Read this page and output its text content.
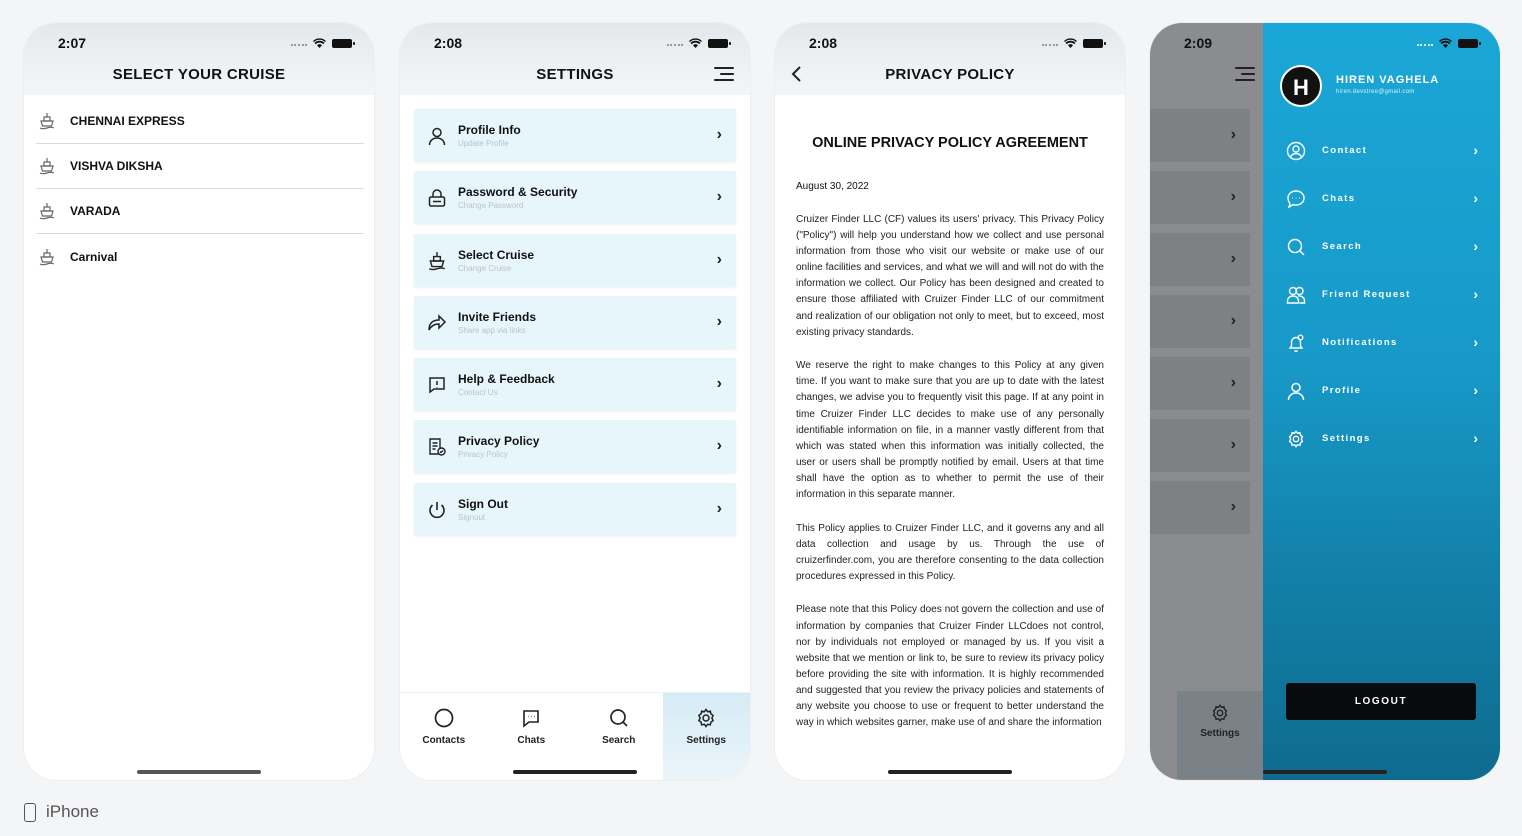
2:07
SELECT YOUR CRUISE
CHENNAI EXPRESS
VISHVA DIKSHA
VARADA
Carnival
2:08
SETTINGS
Profile Info
Update Profile
›
Password & Security
Change Password
›
Select Cruise
Change Cruise
›
Invite Friends
Share app via links
›
Help & Feedback
Contact Us
›
Privacy Policy
Privacy Policy
›
Sign Out
Signout
›
Contacts	Chats	Search	Settings
2:08
PRIVACY POLICY
ONLINE PRIVACY POLICY AGREEMENT
August 30, 2022

Cruizer Finder LLC (CF) values its users' privacy. This Privacy Policy ("Policy") will help you understand how we collect and use personal information from those who visit our website or make use of our online facilities and services, and what we will and will not do with the information we collect. Our Policy has been designed and created to ensure those affiliated with Cruizer Finder LLC of our commitment and realization of our obligation not only to meet, but to exceed, most existing privacy standards.

We reserve the right to make changes to this Policy at any given time. If you want to make sure that you are up to date with the latest changes, we advise you to frequently visit this page. If at any point in time Cruizer Finder LLC decides to make use of any personally identifiable information on file, in a manner vastly different from that which was stated when this information was initially collected, the user or users shall be promptly notified by email. Users at that time shall have the option as to whether to permit the use of their information in this separate manner.

This Policy applies to Cruizer Finder LLC, and it governs any and all data collection and usage by us. Through the use of cruizerfinder.com, you are therefore consenting to the data collection procedures expressed in this Policy.

Please note that this Policy does not govern the collection and use of information by companies that Cruizer Finder LLCdoes not control, nor by individuals not employed or managed by us. If you visit a website that we mention or link to, be sure to review its privacy policy before providing the site with information. It is highly recommended and suggested that you review the privacy policies and statements of any website you choose to use or frequent to better understand the way in which websites garner, make use of and share the information

2:09
›
›
›
›
›
›
›
Settings
H	HIREN VAGHELA
hiren.devstree@gmail.com
Contact	›
Chats	›
Search	›
Friend Request	›
Notifications	›
Profile	›
Settings	›
LOGOUT
iPhone
